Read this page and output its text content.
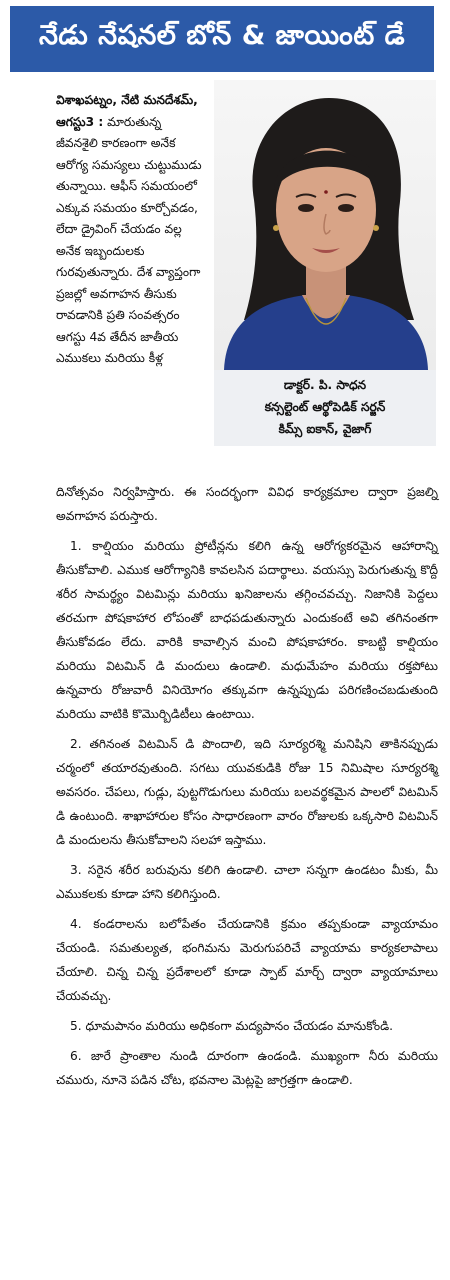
నేడు నేషనల్ బోన్ & జాయింట్ డే
విశాఖపట్నం, నేటి మనదేశమ్, ఆగస్టు3 : మారుతున్న జీవనశైలి కారణంగా అనేక ఆరోగ్య సమస్యలు చుట్టుముడు తున్నాయి. ఆఫీస్ సమయంలో ఎక్కువ సమయం కూర్చోవడం, లేదా డ్రైవింగ్ చేయడం వల్ల అనేక ఇబ్బందులకు గురవుతున్నారు. దేశ వ్యాప్తంగా ప్రజల్లో అవగాహన తీసుకు రావడానికి ప్రతి సంవత్సరం ఆగస్టు 4వ తేదీన జాతీయ ఎముకలు మరియు కీళ్ల
డాక్టర్. పి. సాధన
కన్సల్టెంట్ ఆర్థోపెడిక్ సర్జన్
కిమ్స్ ఐకాన్, వైజాగ్

దినోత్సవం నిర్వహిస్తారు. ఈ సందర్భంగా వివిధ కార్యక్రమాల ద్వారా ప్రజల్ని అవగాహన పరుస్తారు.

1. కాల్షియం మరియు ప్రోటీన్లను కలిగి ఉన్న ఆరోగ్యకరమైన ఆహారాన్ని తీసుకోవాలి. ఎముక ఆరోగ్యానికి కావలసిన పదార్థాలు. వయస్సు పెరుగుతున్న కొద్దీ శరీర సామర్థ్యం విటమిన్లు మరియు ఖనిజాలను తగ్గించవచ్చు. నిజానికి పెద్దలు తరచుగా పోషకాహార లోపంతో బాధపడుతున్నారు ఎందుకంటే అవి తగినంతగా తీసుకోవడం లేదు. వారికి కావాల్సిన మంచి పోషకాహారం. కాబట్టి కాల్షియం మరియు విటమిన్ డి మందులు ఉండాలి. మధుమేహం మరియు రక్తపోటు ఉన్నవారు రోజువారీ వినియోగం తక్కువగా ఉన్నప్పుడు పరిగణించబడుతుంది మరియు వాటికి కొమొర్బిడిటీలు ఉంటాయి.

2. తగినంత విటమిన్ డి పొందాలి, ఇది సూర్యరశ్మి మనిషిని తాకినప్పుడు చర్మంలో తయారవుతుంది. సగటు యువకుడికి రోజు 15 నిమిషాల సూర్యరశ్మి అవసరం. చేపలు, గుడ్లు, పుట్టగొడుగులు మరియు బలవర్థకమైన పాలలో విటమిన్ డి ఉంటుంది. శాఖాహారుల కోసం సాధారణంగా వారం రోజులకు ఒక్కసారి విటమిన్ డి మందులను తీసుకోవాలని సలహా ఇస్తాము.

3. సరైన శరీర బరువును కలిగి ఉండాలి. చాలా సన్నగా ఉండటం మీకు, మీ ఎముకలకు కూడా హాని కలిగిస్తుంది.

4. కండరాలను బలోపేతం చేయడానికి క్రమం తప్పకుండా వ్యాయామం చేయండి. సమతుల్యత, భంగిమను మెరుగుపరిచే వ్యాయామ కార్యకలాపాలు చేయాలి. చిన్న చిన్న ప్రదేశాలలో కూడా స్పాట్ మార్చ్ ద్వారా వ్యాయామాలు చేయవచ్చు.

5. ధూమపానం మరియు అధికంగా మద్యపానం చేయడం మానుకోండి.

6. జారే ప్రాంతాల నుండి దూరంగా ఉండండి. ముఖ్యంగా నీరు మరియు చమురు, నూనె పడిన చోట, భవనాల మెట్లపై జాగ్రత్తగా ఉండాలి.
